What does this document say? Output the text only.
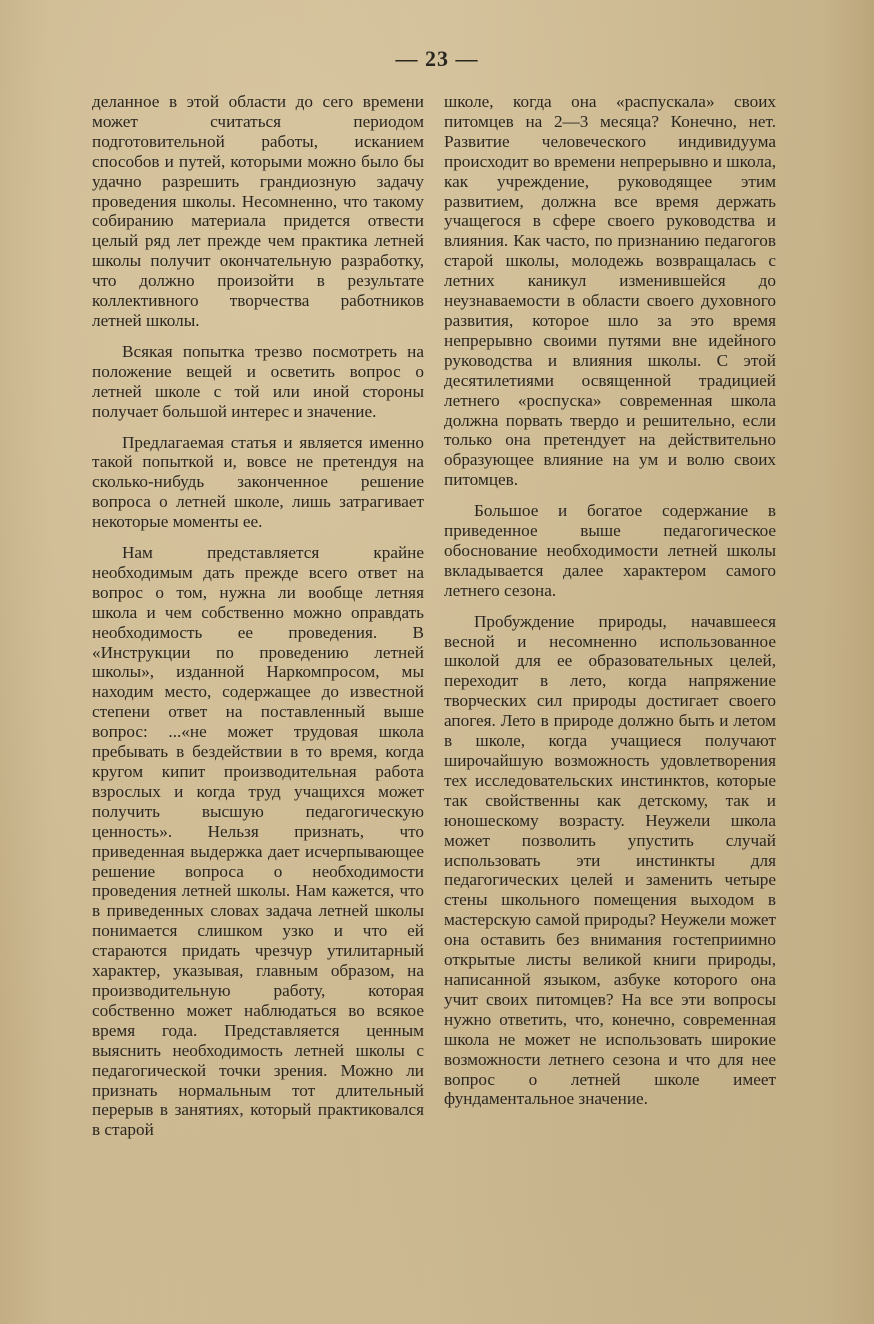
— 23 —

деланное в этой области до сего времени может считаться периодом подготовительной работы, исканием способов и путей, которыми можно было бы удачно разрешить грандиозную задачу проведения школы. Несомненно, что такому собиранию материала придется отвести целый ряд лет прежде чем практика летней школы получит окончательную разработку, что должно произойти в результате коллективного творчества работников летней школы.

Всякая попытка трезво посмотреть на положение вещей и осветить вопрос о летней школе с той или иной стороны получает большой интерес и значение.

Предлагаемая статья и является именно такой попыткой и, вовсе не претендуя на сколько-нибудь законченное решение вопроса о летней школе, лишь затрагивает некоторые моменты ее.

Нам представляется крайне необходимым дать прежде всего ответ на вопрос о том, нужна ли вообще летняя школа и чем собственно можно оправдать необходимость ее проведения. В «Инструкции по проведению летней школы», изданной Наркомпросом, мы находим место, содержащее до известной степени ответ на поставленный выше вопрос: ...«не может трудовая школа пребывать в бездействии в то время, когда кругом кипит производительная работа взрослых и когда труд учащихся может получить высшую педагогическую ценность». Нельзя признать, что приведенная выдержка дает исчерпывающее решение вопроса о необходимости проведения летней школы. Нам кажется, что в приведенных словах задача летней школы понимается слишком узко и что ей стараются придать чрезчур утилитарный характер, указывая, главным образом, на производительную работу, которая собственно может наблюдаться во всякое время года. Представляется ценным выяснить необходимость летней школы с педагогической точки зрения. Можно ли признать нормальным тот длительный перерыв в занятиях, который практиковался в старой

школе, когда она «распускала» своих питомцев на 2—3 месяца? Конечно, нет. Развитие человеческого индивидуума происходит во времени непрерывно и школа, как учреждение, руководящее этим развитием, должна все время держать учащегося в сфере своего руководства и влияния. Как часто, по признанию педагогов старой школы, молодежь возвращалась с летних каникул изменившейся до неузнаваемости в области своего духовного развития, которое шло за это время непрерывно своими путями вне идейного руководства и влияния школы. С этой десятилетиями освященной традицией летнего «роспуска» современная школа должна порвать твердо и решительно, если только она претендует на действительно образующее влияние на ум и волю своих питомцев.

Большое и богатое содержание в приведенное выше педагогическое обоснование необходимости летней школы вкладывается далее характером самого летнего сезона.

Пробуждение природы, начавшееся весной и несомненно использованное школой для ее образовательных целей, переходит в лето, когда напряжение творческих сил природы достигает своего апогея. Лето в природе должно быть и летом в школе, когда учащиеся получают широчайшую возможность удовлетворения тех исследовательских инстинктов, которые так свойственны как детскому, так и юношескому возрасту. Неужели школа может позволить упустить случай использовать эти инстинкты для педагогических целей и заменить четыре стены школьного помещения выходом в мастерскую самой природы? Неужели может она оставить без внимания гостеприимно открытые листы великой книги природы, написанной языком, азбуке которого она учит своих питомцев? На все эти вопросы нужно ответить, что, конечно, современная школа не может не использовать широкие возможности летнего сезона и что для нее вопрос о летней школе имеет фундаментальное значение.
